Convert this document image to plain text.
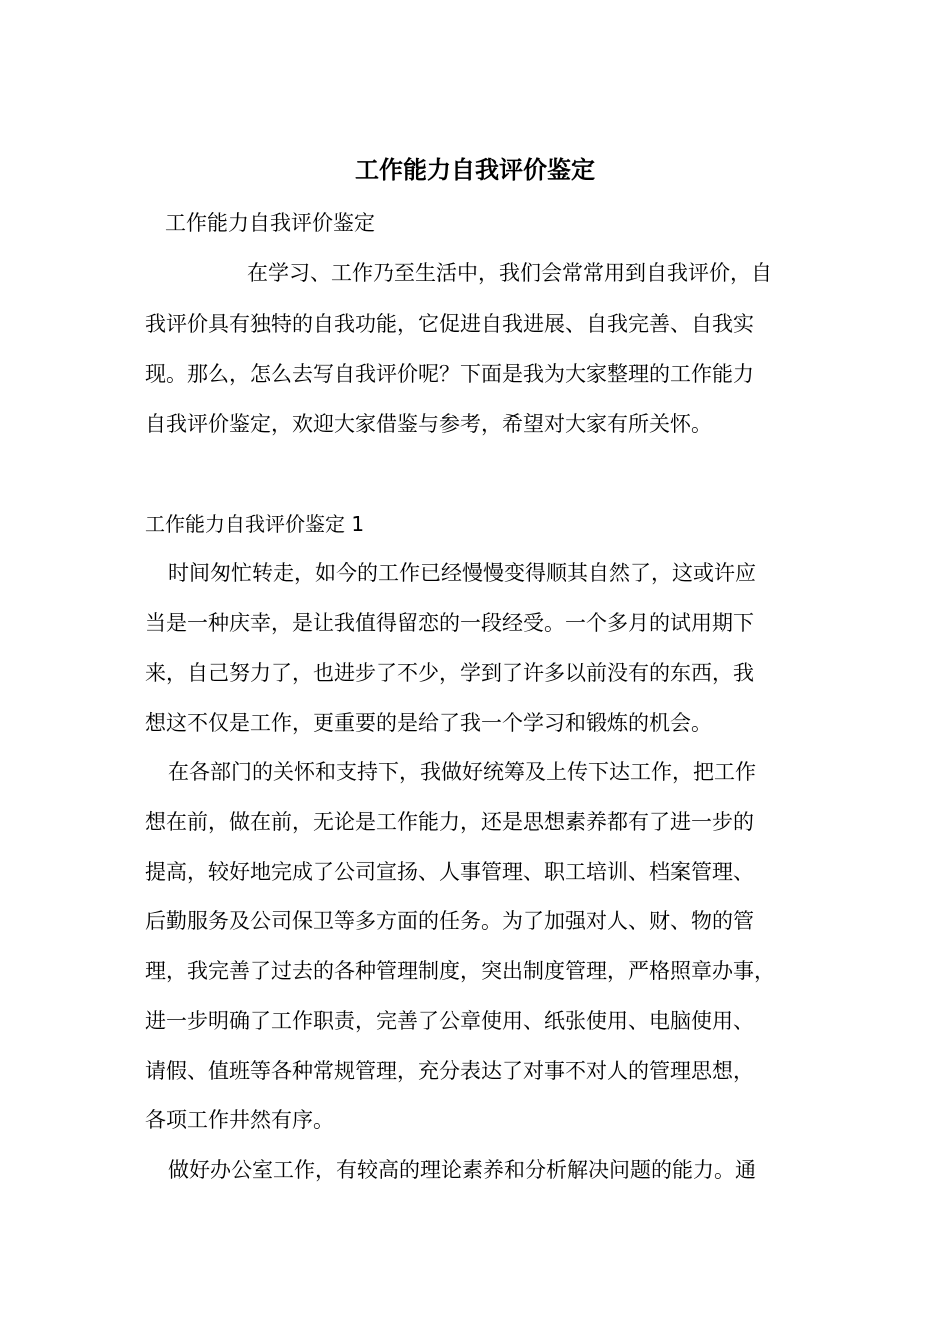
工作能力自我评价鉴定

工作能力自我评价鉴定

在学习、工作乃至生活中，我们会常常用到自我评价，自

我评价具有独特的自我功能，它促进自我进展、自我完善、自我实

现。那么，怎么去写自我评价呢？下面是我为大家整理的工作能力

自我评价鉴定，欢迎大家借鉴与参考，希望对大家有所关怀。

工作能力自我评价鉴定 1

时间匆忙转走，如今的工作已经慢慢变得顺其自然了，这或许应

当是一种庆幸，是让我值得留恋的一段经受。一个多月的试用期下

来，自己努力了，也进步了不少，学到了许多以前没有的东西，我

想这不仅是工作，更重要的是给了我一个学习和锻炼的机会。

在各部门的关怀和支持下，我做好统筹及上传下达工作，把工作

想在前，做在前，无论是工作能力，还是思想素养都有了进一步的

提高，较好地完成了公司宣扬、人事管理、职工培训、档案管理、

后勤服务及公司保卫等多方面的任务。为了加强对人、财、物的管

理，我完善了过去的各种管理制度，突出制度管理，严格照章办事，

进一步明确了工作职责，完善了公章使用、纸张使用、电脑使用、

请假、值班等各种常规管理，充分表达了对事不对人的管理思想，

各项工作井然有序。

做好办公室工作，有较高的理论素养和分析解决问题的能力。通
